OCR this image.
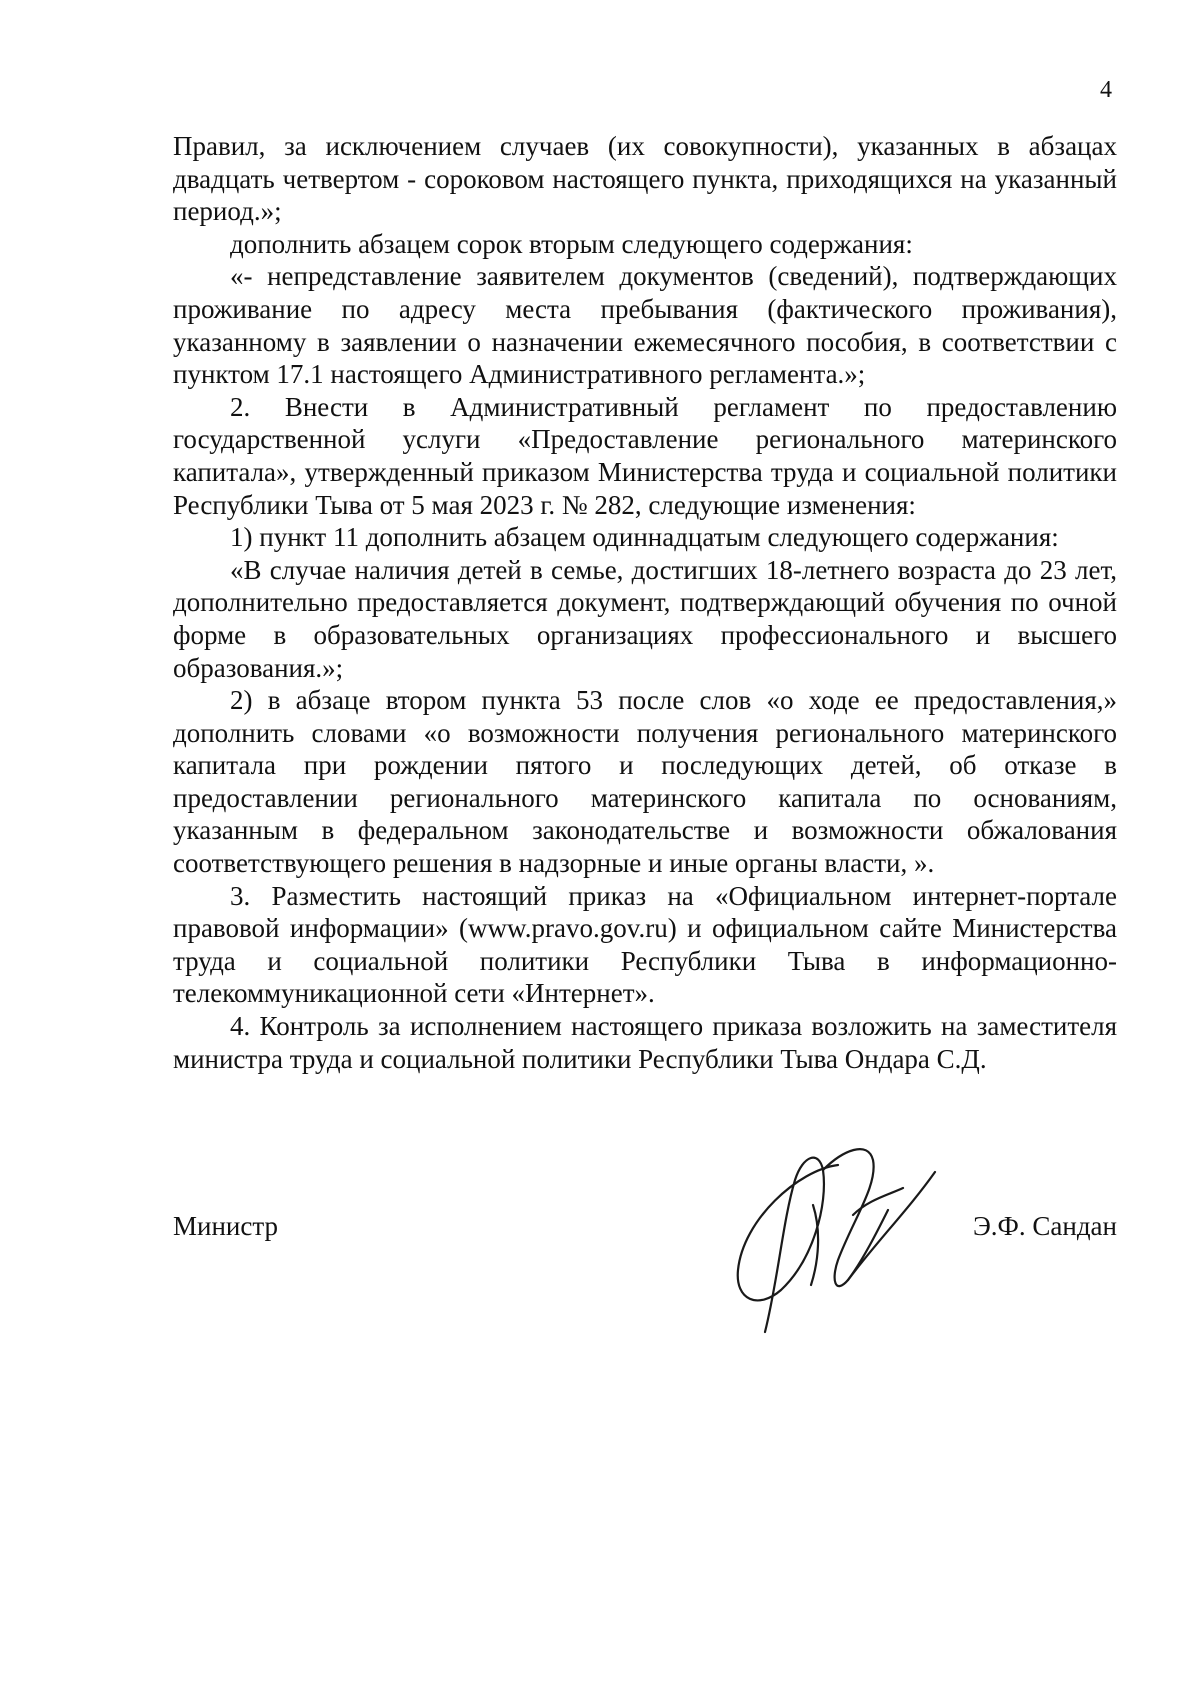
4

Правил, за исключением случаев (их совокупности), указанных в абзацах двадцать четвертом - сороковом настоящего пункта, приходящихся на указанный период.»;

дополнить абзацем сорок вторым следующего содержания:

«- непредставление заявителем документов (сведений), подтверждающих проживание по адресу места пребывания (фактического проживания), указанному в заявлении о назначении ежемесячного пособия, в соответствии с пунктом 17.1 настоящего Административного регламента.»;

2. Внести в Административный регламент по предоставлению государственной услуги «Предоставление регионального материнского капитала», утвержденный приказом Министерства труда и социальной политики Республики Тыва от 5 мая 2023 г. № 282, следующие изменения:

1) пункт 11 дополнить абзацем одиннадцатым следующего содержания:

«В случае наличия детей в семье, достигших 18-летнего возраста до 23 лет, дополнительно предоставляется документ, подтверждающий обучения по очной форме в образовательных организациях профессионального и высшего образования.»;

2) в абзаце втором пункта 53 после слов «о ходе ее предоставления,» дополнить словами «о возможности получения регионального материнского капитала при рождении пятого и последующих детей, об отказе в предоставлении регионального материнского капитала по основаниям, указанным в федеральном законодательстве и возможности обжалования соответствующего решения в надзорные и иные органы власти, ».

3. Разместить настоящий приказ на «Официальном интернет-портале правовой информации» (www.pravo.gov.ru) и официальном сайте Министерства труда и социальной политики Республики Тыва в информационно-телекоммуникационной сети «Интернет».

4. Контроль за исполнением настоящего приказа возложить на заместителя министра труда и социальной политики Республики Тыва Ондара С.Д.

Министр	Э.Ф. Сандан
